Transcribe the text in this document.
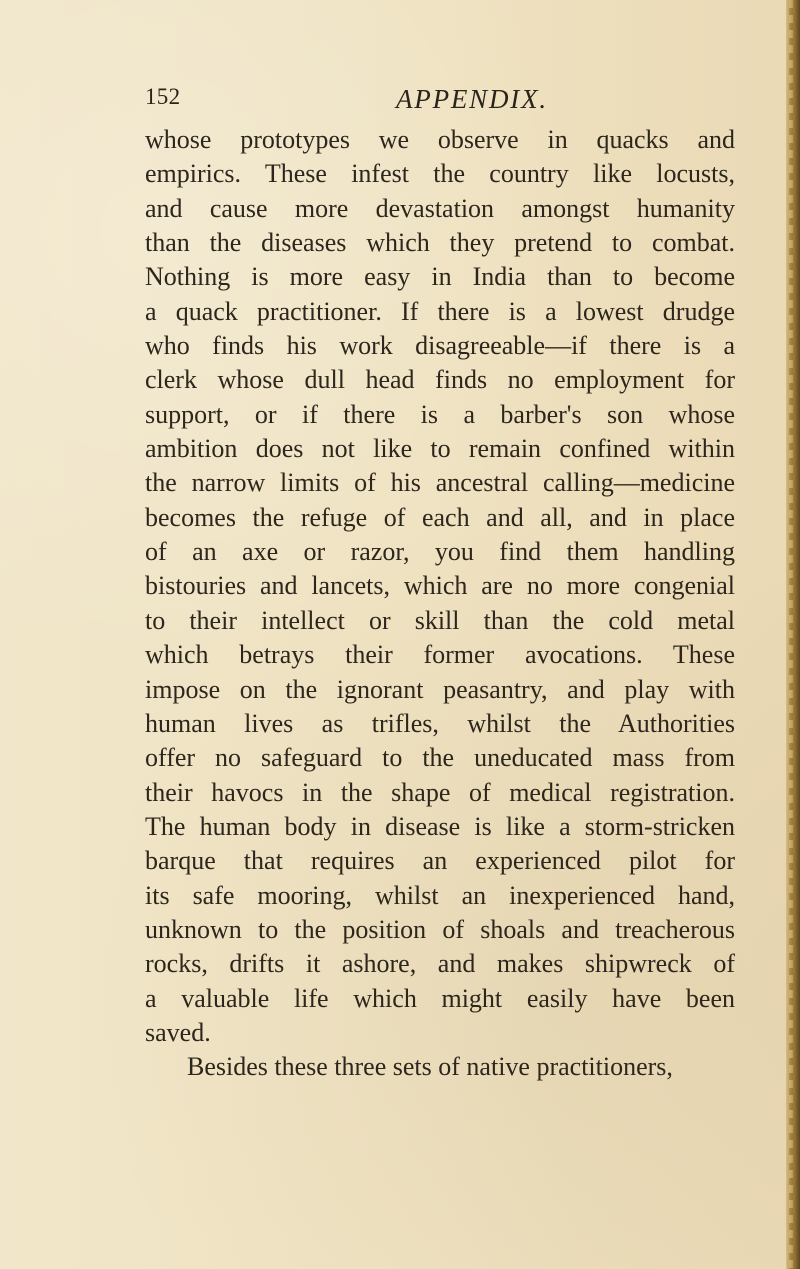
152	APPENDIX.
whose prototypes we observe in quacks and
empirics. These infest the country like locusts,
and cause more devastation amongst humanity
than the diseases which they pretend to combat.
Nothing is more easy in India than to become
a quack practitioner. If there is a lowest drudge
who finds his work disagreeable—if there is a
clerk whose dull head finds no employment for
support, or if there is a barber's son whose
ambition does not like to remain confined within
the narrow limits of his ancestral calling—medicine
becomes the refuge of each and all, and in place
of an axe or razor, you find them handling
bistouries and lancets, which are no more congenial
to their intellect or skill than the cold metal
which betrays their former avocations. These
impose on the ignorant peasantry, and play with
human lives as trifles, whilst the Authorities
offer no safeguard to the uneducated mass from
their havocs in the shape of medical registration.
The human body in disease is like a storm-stricken
barque that requires an experienced pilot for
its safe mooring, whilst an inexperienced hand,
unknown to the position of shoals and treacherous
rocks, drifts it ashore, and makes shipwreck of
a valuable life which might easily have been
saved.
Besides these three sets of native practitioners,
